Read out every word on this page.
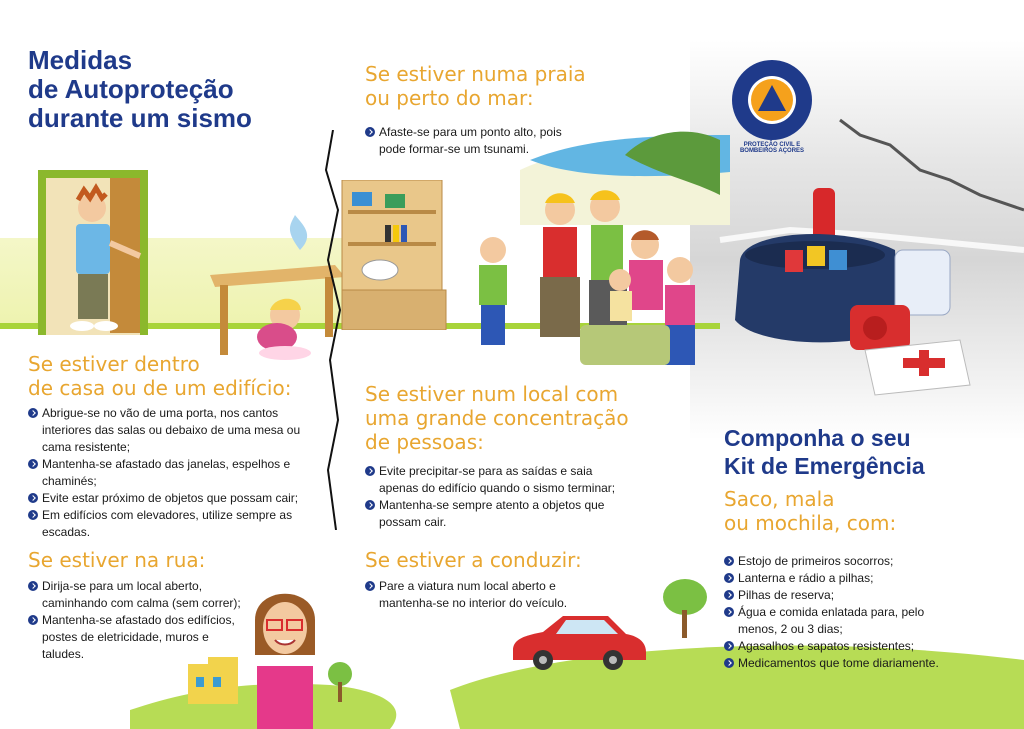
PROTEÇÃO CIVIL E BOMBEIROS AÇORES
Medidas
de Autoproteção
durante um sismo
Se estiver dentro
de casa ou de um edifício:
Abrigue-se no vão de uma porta, nos cantos interiores das salas ou debaixo de uma mesa ou cama resistente;
Mantenha-se afastado das janelas, espelhos e chaminés;
Evite estar próximo de objetos que possam cair;
Em edifícios com elevadores, utilize sempre as escadas.
Se estiver na rua:
Dirija-se para um local aberto, caminhando com calma (sem correr);
Mantenha-se afastado dos edifícios, postes de eletricidade, muros e taludes.
Se estiver numa praia
ou perto do mar:
Afaste-se para um ponto alto, pois pode formar-se um tsunami.
Se estiver num local com
uma grande concentração
de pessoas:
Evite precipitar-se para as saídas e saia apenas do edifício quando o sismo terminar;
Mantenha-se sempre atento a objetos que possam cair.
Se estiver a conduzir:
Pare a viatura num local aberto e mantenha-se no interior do veículo.
Componha o seu
Kit de Emergência
Saco, mala
ou mochila, com:
Estojo de primeiros socorros;
Lanterna e rádio a pilhas;
Pilhas de reserva;
Água e comida enlatada para, pelo menos, 2 ou 3 dias;
Agasalhos e sapatos resistentes;
Medicamentos que tome diariamente.
